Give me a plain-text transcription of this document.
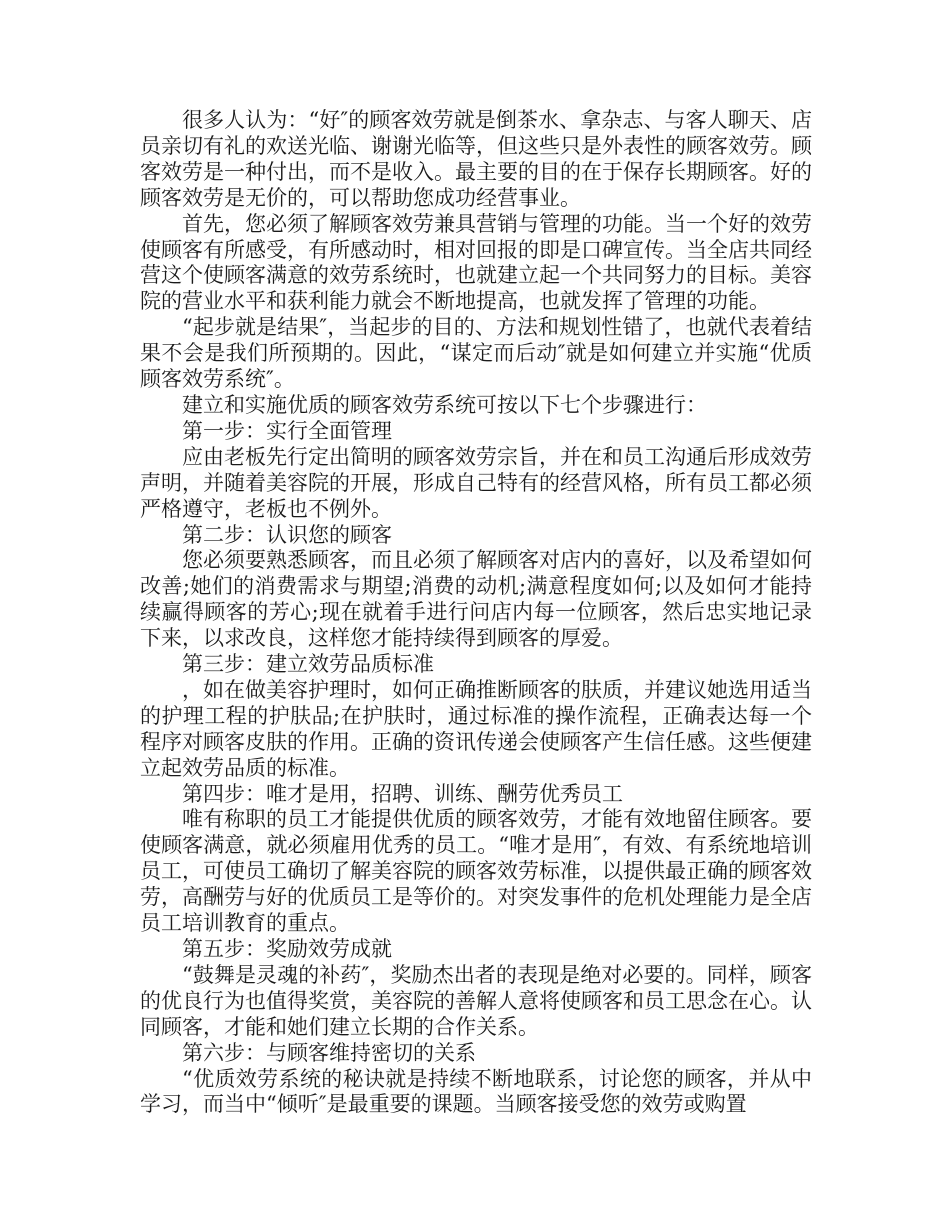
很多人认为：“好″的顾客效劳就是倒茶水、拿杂志、与客人聊天、店员亲切有礼的欢送光临、谢谢光临等，但这些只是外表性的顾客效劳。顾客效劳是一种付出，而不是收入。最主要的目的在于保存长期顾客。好的顾客效劳是无价的，可以帮助您成功经营事业。

首先，您必须了解顾客效劳兼具营销与管理的功能。当一个好的效劳使顾客有所感受，有所感动时，相对回报的即是口碑宣传。当全店共同经营这个使顾客满意的效劳系统时，也就建立起一个共同努力的目标。美容院的营业水平和获利能力就会不断地提高，也就发挥了管理的功能。

“起步就是结果″，当起步的目的、方法和规划性错了，也就代表着结果不会是我们所预期的。因此，“谋定而后动″就是如何建立并实施“优质顾客效劳系统″。

建立和实施优质的顾客效劳系统可按以下七个步骤进行：

第一步：实行全面管理

应由老板先行定出简明的顾客效劳宗旨，并在和员工沟通后形成效劳声明，并随着美容院的开展，形成自己特有的经营风格，所有员工都必须严格遵守，老板也不例外。

第二步：认识您的顾客

您必须要熟悉顾客，而且必须了解顾客对店内的喜好，以及希望如何改善;她们的消费需求与期望;消费的动机;满意程度如何;以及如何才能持续赢得顾客的芳心;现在就着手进行问店内每一位顾客，然后忠实地记录下来，以求改良，这样您才能持续得到顾客的厚爱。

第三步：建立效劳品质标准

，如在做美容护理时，如何正确推断顾客的肤质，并建议她选用适当的护理工程的护肤品;在护肤时，通过标准的操作流程，正确表达每一个程序对顾客皮肤的作用。正确的资讯传递会使顾客产生信任感。这些便建立起效劳品质的标准。

第四步：唯才是用，招聘、训练、酬劳优秀员工

唯有称职的员工才能提供优质的顾客效劳，才能有效地留住顾客。要使顾客满意，就必须雇用优秀的员工。“唯才是用″，有效、有系统地培训员工，可使员工确切了解美容院的顾客效劳标准，以提供最正确的顾客效劳，高酬劳与好的优质员工是等价的。对突发事件的危机处理能力是全店员工培训教育的重点。

第五步：奖励效劳成就

“鼓舞是灵魂的补药″，奖励杰出者的表现是绝对必要的。同样，顾客的优良行为也值得奖赏，美容院的善解人意将使顾客和员工思念在心。认同顾客，才能和她们建立长期的合作关系。

第六步：与顾客维持密切的关系

“优质效劳系统的秘诀就是持续不断地联系，讨论您的顾客，并从中学习，而当中“倾听″是最重要的课题。当顾客接受您的效劳或购置
